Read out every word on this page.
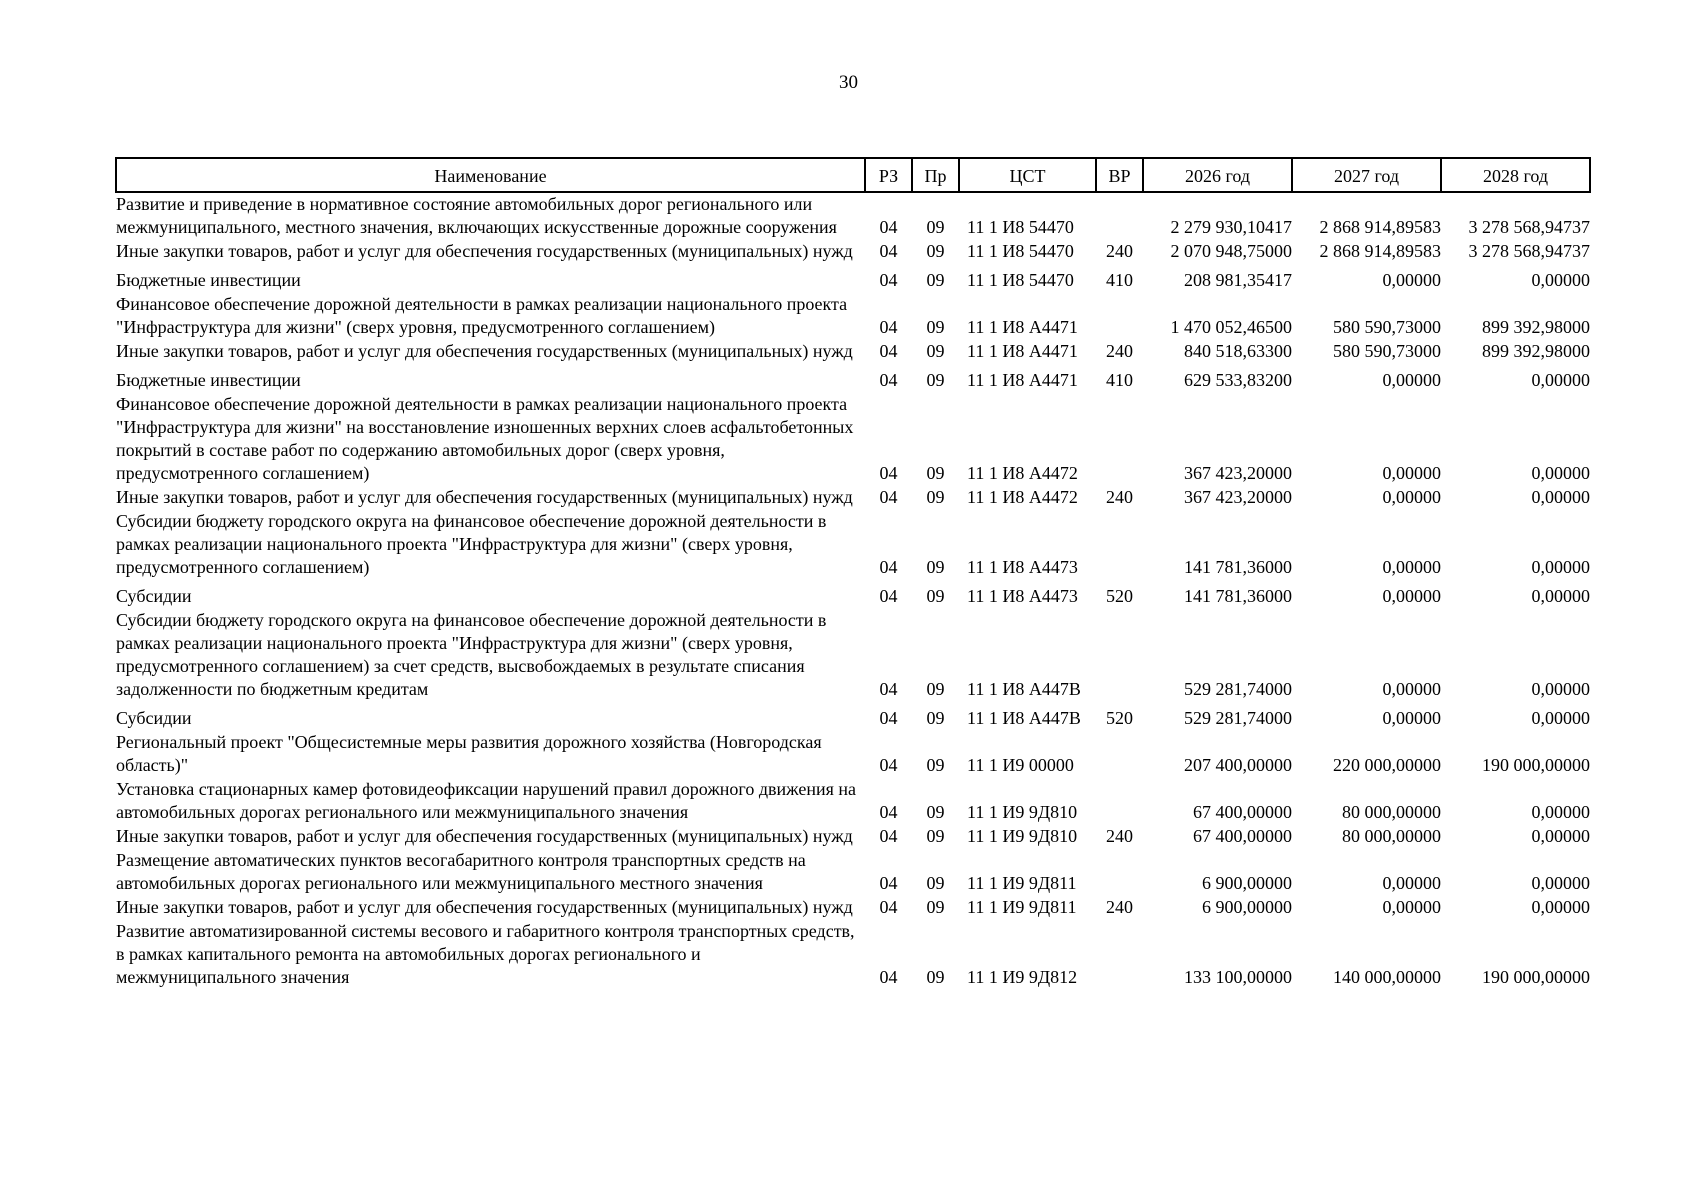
30
Наименование	РЗ	Пр	ЦСТ	ВР	2026 год	2027 год	2028 год
Развитие и приведение в нормативное состояние автомобильных дорог регионального или межмуниципального, местного значения, включающих искусственные дорожные сооружения	04	09	11 1 И8 54470		2 279 930,10417	2 868 914,89583	3 278 568,94737
Иные закупки товаров, работ и услуг для обеспечения государственных (муниципальных) нужд	04	09	11 1 И8 54470	240	2 070 948,75000	2 868 914,89583	3 278 568,94737
Бюджетные инвестиции	04	09	11 1 И8 54470	410	208 981,35417	0,00000	0,00000
Финансовое обеспечение дорожной деятельности в рамках реализации национального проекта "Инфраструктура для жизни" (сверх уровня, предусмотренного соглашением)	04	09	11 1 И8 А4471		1 470 052,46500	580 590,73000	899 392,98000
Иные закупки товаров, работ и услуг для обеспечения государственных (муниципальных) нужд	04	09	11 1 И8 А4471	240	840 518,63300	580 590,73000	899 392,98000
Бюджетные инвестиции	04	09	11 1 И8 А4471	410	629 533,83200	0,00000	0,00000
Финансовое обеспечение дорожной деятельности в рамках реализации национального проекта "Инфраструктура для жизни" на восстановление изношенных верхних слоев асфальтобетонных покрытий в составе работ по содержанию автомобильных дорог (сверх уровня, предусмотренного соглашением)	04	09	11 1 И8 А4472		367 423,20000	0,00000	0,00000
Иные закупки товаров, работ и услуг для обеспечения государственных (муниципальных) нужд	04	09	11 1 И8 А4472	240	367 423,20000	0,00000	0,00000
Субсидии бюджету городского округа на финансовое обеспечение дорожной деятельности в рамках реализации национального проекта "Инфраструктура для жизни" (сверх уровня, предусмотренного соглашением)	04	09	11 1 И8 А4473		141 781,36000	0,00000	0,00000
Субсидии	04	09	11 1 И8 А4473	520	141 781,36000	0,00000	0,00000
Субсидии бюджету городского округа на финансовое обеспечение дорожной деятельности в рамках реализации национального проекта "Инфраструктура для жизни" (сверх уровня, предусмотренного соглашением) за счет средств, высвобождаемых в результате списания задолженности по бюджетным кредитам	04	09	11 1 И8 А447В		529 281,74000	0,00000	0,00000
Субсидии	04	09	11 1 И8 А447В	520	529 281,74000	0,00000	0,00000
Региональный проект "Общесистемные меры развития дорожного хозяйства (Новгородская область)"	04	09	11 1 И9 00000		207 400,00000	220 000,00000	190 000,00000
Установка стационарных камер фотовидеофиксации нарушений правил дорожного движения на автомобильных дорогах регионального или межмуниципального значения	04	09	11 1 И9 9Д810		67 400,00000	80 000,00000	0,00000
Иные закупки товаров, работ и услуг для обеспечения государственных (муниципальных) нужд	04	09	11 1 И9 9Д810	240	67 400,00000	80 000,00000	0,00000
Размещение автоматических пунктов весогабаритного контроля транспортных средств на автомобильных дорогах регионального или межмуниципального местного значения	04	09	11 1 И9 9Д811		6 900,00000	0,00000	0,00000
Иные закупки товаров, работ и услуг для обеспечения государственных (муниципальных) нужд	04	09	11 1 И9 9Д811	240	6 900,00000	0,00000	0,00000
Развитие автоматизированной системы весового и габаритного контроля транспортных средств, в рамках капитального ремонта на автомобильных дорогах регионального и межмуниципального значения	04	09	11 1 И9 9Д812		133 100,00000	140 000,00000	190 000,00000
